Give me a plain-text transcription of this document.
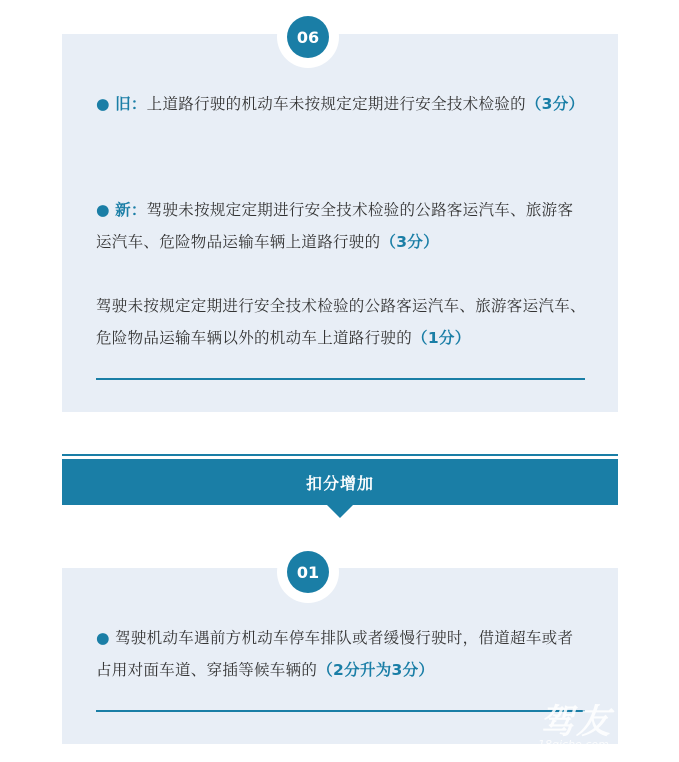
06
● 旧：上道路行驶的机动车未按规定定期进行安全技术检验的（3分）
● 新：驾驶未按规定定期进行安全技术检验的公路客运汽车、旅游客运汽车、危险物品运输车辆上道路行驶的（3分）
驾驶未按规定定期进行安全技术检验的公路客运汽车、旅游客运汽车、危险物品运输车辆以外的机动车上道路行驶的（1分）
扣分增加
01
● 驾驶机动车遇前方机动车停车排队或者缓慢行驶时，借道超车或者占用对面车道、穿插等候车辆的（2分升为3分）
驾友
18qiche.com
